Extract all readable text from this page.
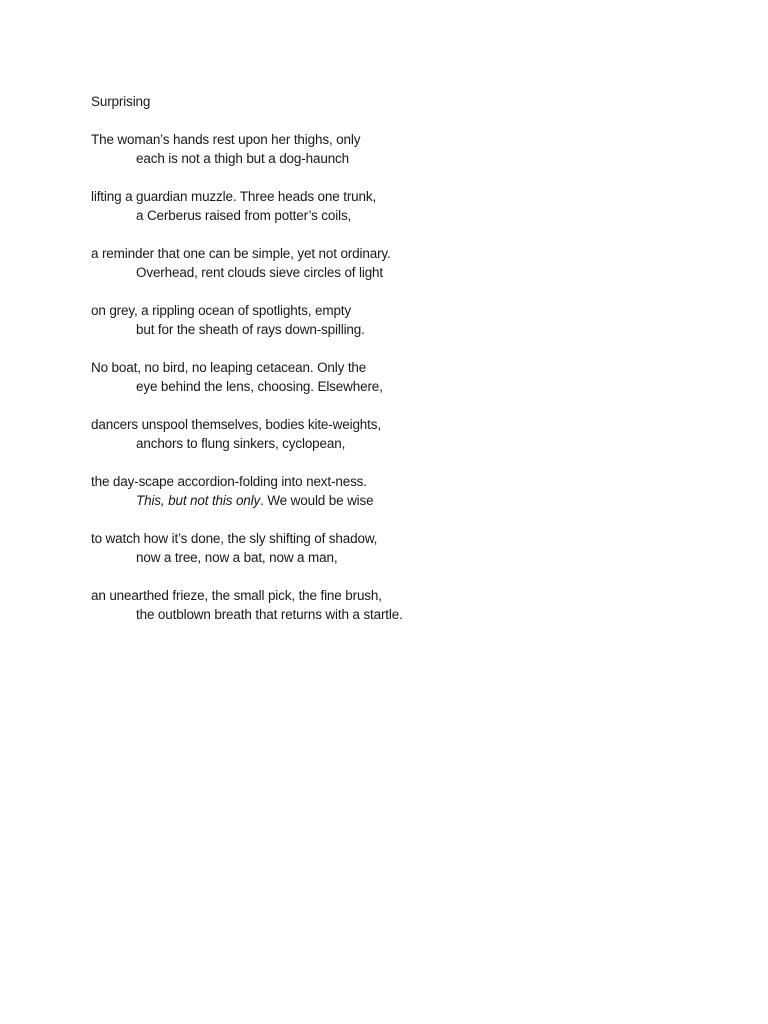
Surprising
The woman’s hands rest upon her thighs, only
each is not a thigh but a dog-haunch
lifting a guardian muzzle. Three heads one trunk,
a Cerberus raised from potter’s coils,
a reminder that one can be simple, yet not ordinary.
Overhead, rent clouds sieve circles of light
on grey, a rippling ocean of spotlights, empty
but for the sheath of rays down-spilling.
No boat, no bird, no leaping cetacean. Only the
eye behind the lens, choosing. Elsewhere,
dancers unspool themselves, bodies kite-weights,
anchors to flung sinkers, cyclopean,
the day-scape accordion-folding into next-ness.
This, but not this only. We would be wise
to watch how it’s done, the sly shifting of shadow,
now a tree, now a bat, now a man,
an unearthed frieze, the small pick, the fine brush,
the outblown breath that returns with a startle.
